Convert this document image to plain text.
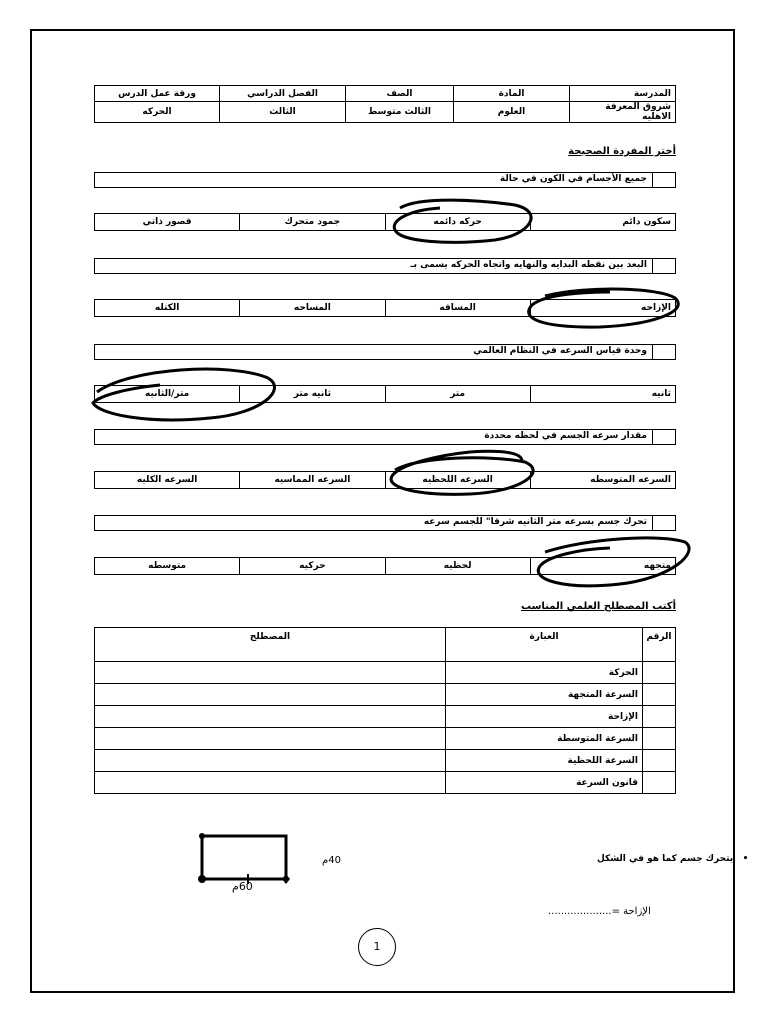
المدرسة	المادة	الصف	الفصل الدراسي	ورقة عمل الدرس
شروق المعرفة الاهليه	العلوم	الثالث متوسط	الثالث	الحركه
أختر المفردة الصحيحة
جميع الأجسام في الكون في حالة
سكون دائم	حركه دائمه	جمود متحرك	قصور ذاتي
البعد بين نقطه البدايه والنهايه واتجاه الحركه يسمى بـ
الإزاحه	المسافه	المساحه	الكتله
وحدة قياس السرعه في النظام العالمي
ثانيه	متر	ثانيه متر	متر/الثانيه
مقدار سرعه الجسم في لحظه محددة
السرعه المتوسطه	السرعه اللحظيه	السرعه المماسيه	السرعه الكليه
تحرك جسم بسرعه متر الثانيه شرقا" للجسم سرعه
متجهه	لحظيه	حركيه	متوسطه
أكتب المصطلح العلمي المناسب
الرقم	العبارة	المصطلح
	الحركة	
	السرعة المتجهة	
	الإزاحة	
	السرعة المتوسطة	
	السرعة اللحظية	
	قانون السرعة	
•   يتحرك جسم كما هو في الشكل
40م
60م
الإزاحة =....................
1
